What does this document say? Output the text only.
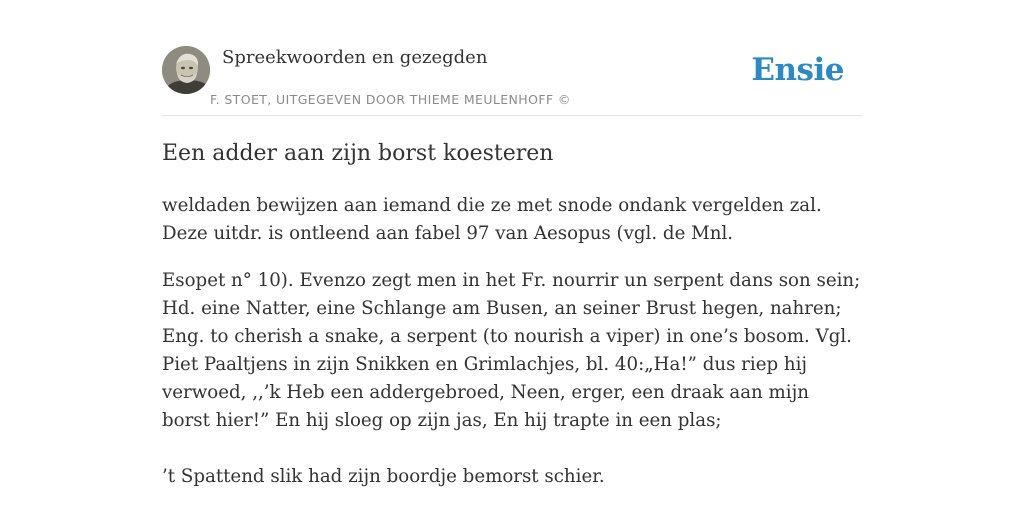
Spreekwoorden en gezegden
F. STOET, UITGEGEVEN DOOR THIEME MEULENHOFF ©
Ensie
Een adder aan zijn borst koesteren

weldaden bewijzen aan iemand die ze met snode ondank vergelden zal. Deze uitdr. is ontleend aan fabel 97 van Aesopus (vgl. de Mnl.

Esopet n° 10). Evenzo zegt men in het Fr. nourrir un serpent dans son sein; Hd. eine Natter, eine Schlange am Busen, an seiner Brust hegen, nahren; Eng. to cherish a snake, a serpent (to nourish a viper) in one’s bosom. Vgl. Piet Paaltjens in zijn Snikken en Grimlachjes, bl. 40:„Ha!” dus riep hij verwoed, ,,’k Heb een addergebroed, Neen, erger, een draak aan mijn borst hier!” En hij sloeg op zijn jas, En hij trapte in een plas;

’t Spattend slik had zijn boordje bemorst schier.
